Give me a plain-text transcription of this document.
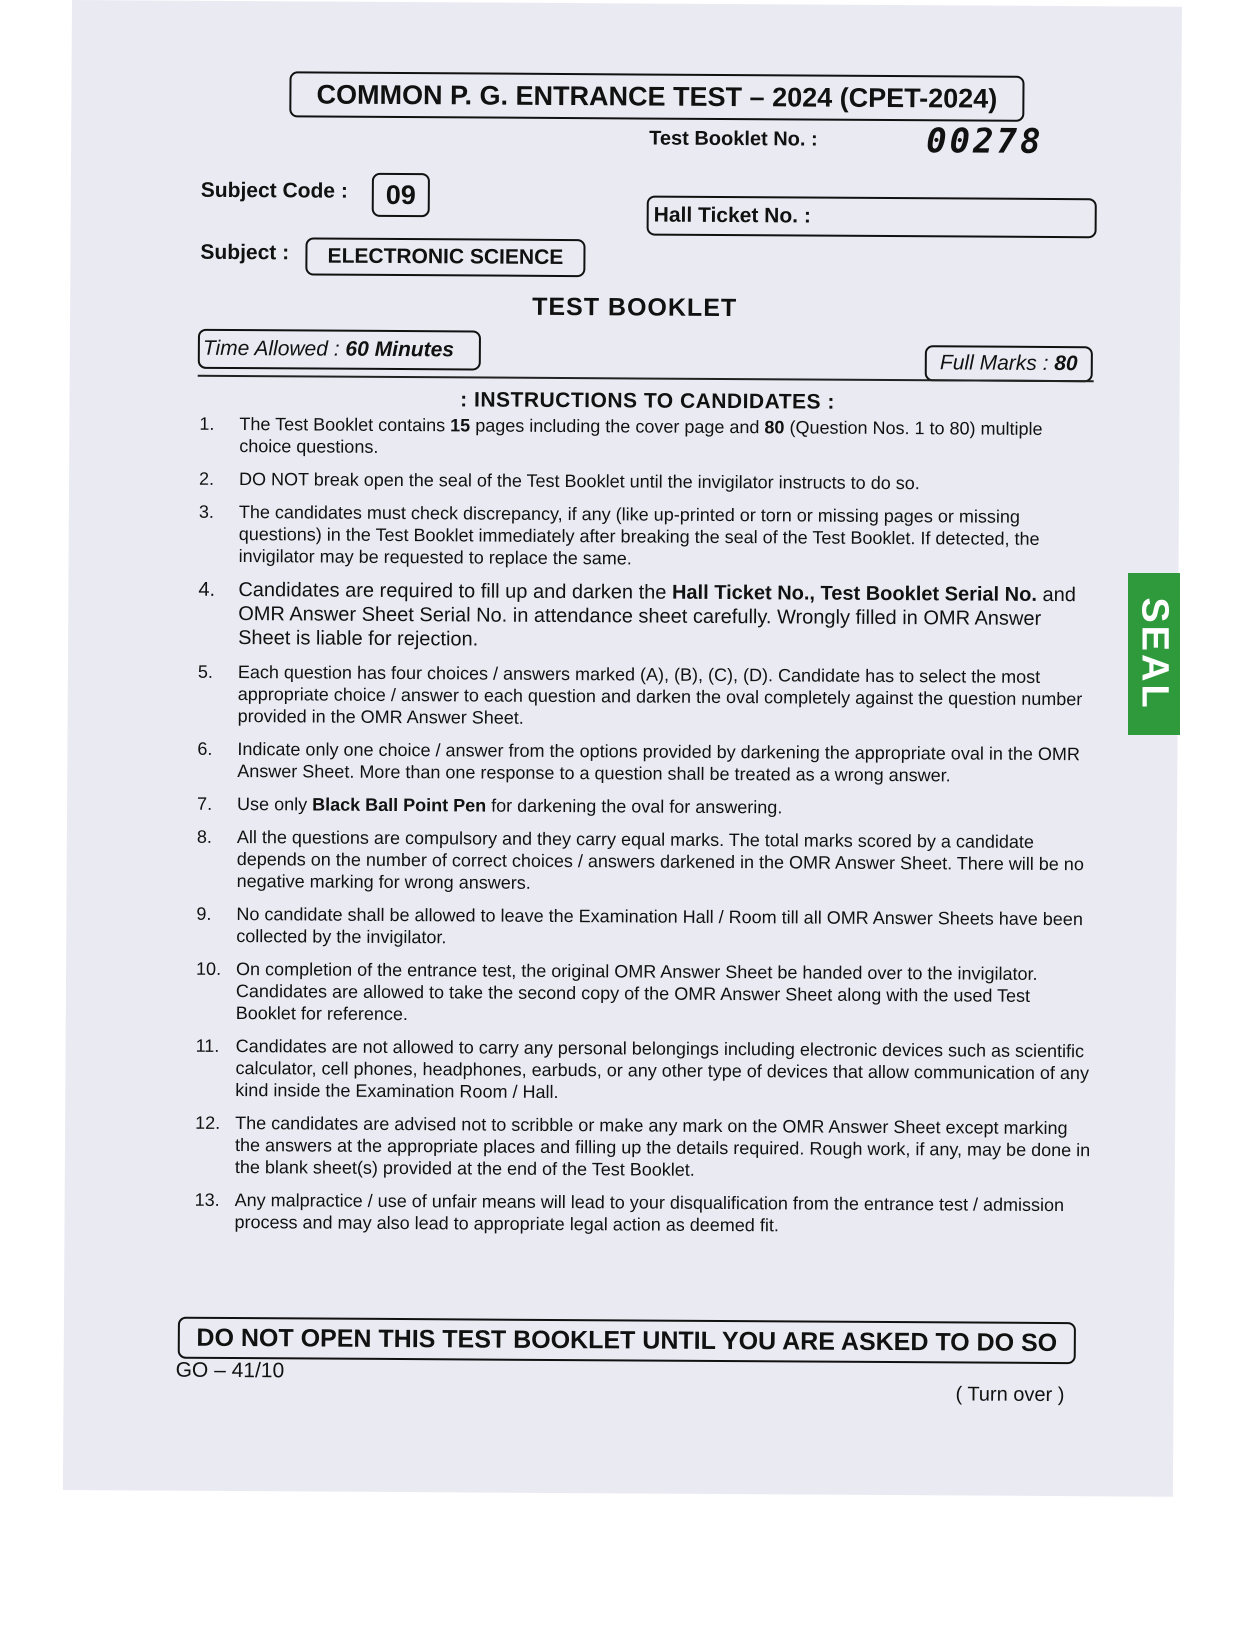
COMMON P. G. ENTRANCE TEST – 2024 (CPET-2024)
Test Booklet No. :	00278
Subject Code :	09
Hall Ticket No. :
Subject :	ELECTRONIC SCIENCE
TEST BOOKLET
Time Allowed : 60 Minutes
Full Marks : 80
: INSTRUCTIONS TO CANDIDATES :
1. The Test Booklet contains 15 pages including the cover page and 80 (Question Nos. 1 to 80) multiple choice questions.
2. DO NOT break open the seal of the Test Booklet until the invigilator instructs to do so.
3. The candidates must check discrepancy, if any (like up-printed or torn or missing pages or missing questions) in the Test Booklet immediately after breaking the seal of the Test Booklet. If detected, the invigilator may be requested to replace the same.
4. Candidates are required to fill up and darken the Hall Ticket No., Test Booklet Serial No. and OMR Answer Sheet Serial No. in attendance sheet carefully. Wrongly filled in OMR Answer Sheet is liable for rejection.
5. Each question has four choices / answers marked (A), (B), (C), (D). Candidate has to select the most appropriate choice / answer to each question and darken the oval completely against the question number provided in the OMR Answer Sheet.
6. Indicate only one choice / answer from the options provided by darkening the appropriate oval in the OMR Answer Sheet. More than one response to a question shall be treated as a wrong answer.
7. Use only Black Ball Point Pen for darkening the oval for answering.
8. All the questions are compulsory and they carry equal marks. The total marks scored by a candidate depends on the number of correct choices / answers darkened in the OMR Answer Sheet. There will be no negative marking for wrong answers.
9. No candidate shall be allowed to leave the Examination Hall / Room till all OMR Answer Sheets have been collected by the invigilator.
10. On completion of the entrance test, the original OMR Answer Sheet be handed over to the invigilator. Candidates are allowed to take the second copy of the OMR Answer Sheet along with the used Test Booklet for reference.
11. Candidates are not allowed to carry any personal belongings including electronic devices such as scientific calculator, cell phones, headphones, earbuds, or any other type of devices that allow communication of any kind inside the Examination Room / Hall.
12. The candidates are advised not to scribble or make any mark on the OMR Answer Sheet except marking the answers at the appropriate places and filling up the details required. Rough work, if any, may be done in the blank sheet(s) provided at the end of the Test Booklet.
13. Any malpractice / use of unfair means will lead to your disqualification from the entrance test / admission process and may also lead to appropriate legal action as deemed fit.
DO NOT OPEN THIS TEST BOOKLET UNTIL YOU ARE ASKED TO DO SO
GO – 41/10
( Turn over )
SEAL
